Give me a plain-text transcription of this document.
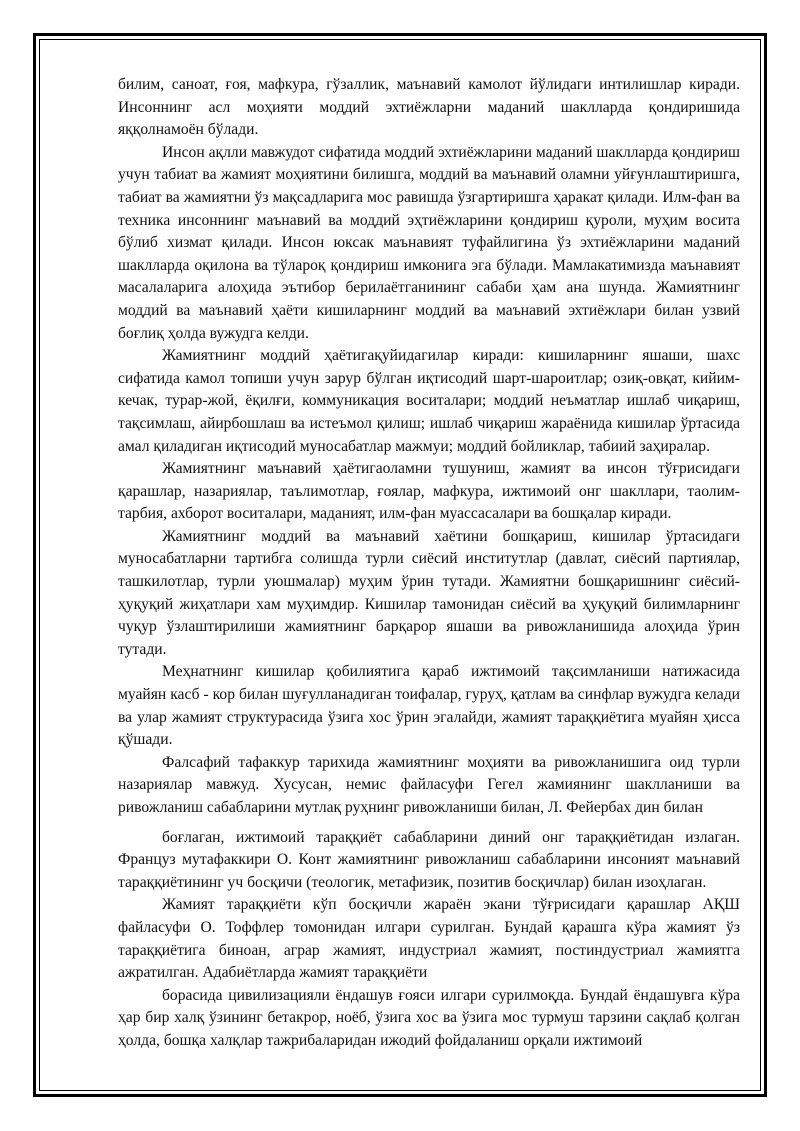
билим, саноат, ғоя, мафкура, гўзаллик, маънавий камолот йўлидаги интилишлар киради. Инсоннинг асл моҳияти моддий эхтиёжларни маданий шаклларда қондиришида яққолнамоён бўлади.

Инсон ақлли мавжудот сифатида моддий эхтиёжларини маданий шаклларда қондириш учун табиат ва жамият моҳиятини билишга, моддий ва маънавий оламни уйғунлаштиришга, табиат ва жамиятни ўз мақсадларига мос равишда ўзгартиришга ҳаракат қилади. Илм-фан ва техника инсоннинг маънавий ва моддий эҳтиёжларини қондириш қуроли, муҳим восита бўлиб хизмат қилади. Инсон юксак маънавият туфайлигина ўз эхтиёжларини маданий шаклларда оқилона ва тўлароқ қондириш имконига эга бўлади. Мамлакатимизда маънавият масалаларига алоҳида эътибор берилаётганининг сабаби ҳам ана шунда. Жамиятнинг моддий ва маънавий ҳаёти кишиларнинг моддий ва маънавий эхтиёжлари билан узвий боғлиқ ҳолда вужудга келди.

Жамиятнинг моддий ҳаётигақуйидагилар киради: кишиларнинг яшаши, шахс сифатида камол топиши учун зарур бўлган иқтисодий шарт-шароитлар; озиқ-овқат, кийим-кечак, турар-жой, ёқилғи, коммуникация воситалари; моддий неъматлар ишлаб чиқариш, тақсимлаш, айирбошлаш ва истеъмол қилиш; ишлаб чиқариш жараёнида кишилар ўртасида амал қиладиган иқтисодий муносабатлар мажмуи; моддий бойликлар, табиий заҳиралар.

Жамиятнинг маънавий ҳаётигаоламни тушуниш, жамият ва инсон тўғрисидаги қарашлар, назариялар, таълимотлар, ғоялар, мафкура, ижтимоий онг шакллари, таолим-тарбия, ахборот воситалари, маданият, илм-фан муассасалари ва бошқалар киради.

Жамиятнинг моддий ва маънавий хаётини бошқариш, кишилар ўртасидаги муносабатларни тартибга солишда турли сиёсий институтлар (давлат, сиёсий партиялар, ташкилотлар, турли уюшмалар) муҳим ўрин тутади. Жамиятни бошқаришнинг сиёсий-ҳуқуқий жиҳатлари хам муҳимдир. Кишилар тамонидан сиёсий ва ҳуқуқий билимларнинг чуқур ўзлаштирилиши жамиятнинг барқарор яшаши ва ривожланишида алоҳида ўрин тутади.

Меҳнатнинг кишилар қобилиятига қараб ижтимоий тақсимланиши натижасида муайян касб - кор билан шуғулланадиган тоифалар, гуруҳ, қатлам ва синфлар вужудга келади ва улар жамият структурасида ўзига хос ўрин эгалайди, жамият тараққиётига муайян ҳисса қўшади.

Фалсафий тафаккур тарихида жамиятнинг моҳияти ва ривожланишига оид турли назариялар мавжуд. Хусусан, немис файласуфи Гегел жамиянинг шаклланиши ва ривожланиш сабабларини мутлақ руҳнинг ривожланиши билан, Л. Фейербах дин билан

боғлаган, ижтимоий тараққиёт сабабларини диний онг тараққиётидан излаган. Француз мутафаккири О. Конт жамиятнинг ривожланиш сабабларини инсоният маънавий тараққиётининг уч босқичи (теологик, метафизик, позитив босқичлар) билан изоҳлаган.

Жамият тараққиёти кўп босқичли жараён экани тўғрисидаги қарашлар АҚШ файласуфи О. Тоффлер томонидан илгари сурилган. Бундай қарашга кўра жамият ўз тараққиётига биноан, аграр жамият, индустриал жамият, постиндустриал жамиятга ажратилган. Адабиётларда жамият тараққиёти

борасида цивилизацияли ёндашув ғояси илгари сурилмоқда. Бундай ёндашувга кўра ҳар бир халқ ўзининг бетакрор, ноёб, ўзига хос ва ўзига мос турмуш тарзини сақлаб қолган ҳолда, бошқа халқлар тажрибаларидан ижодий фойдаланиш орқали ижтимоий
